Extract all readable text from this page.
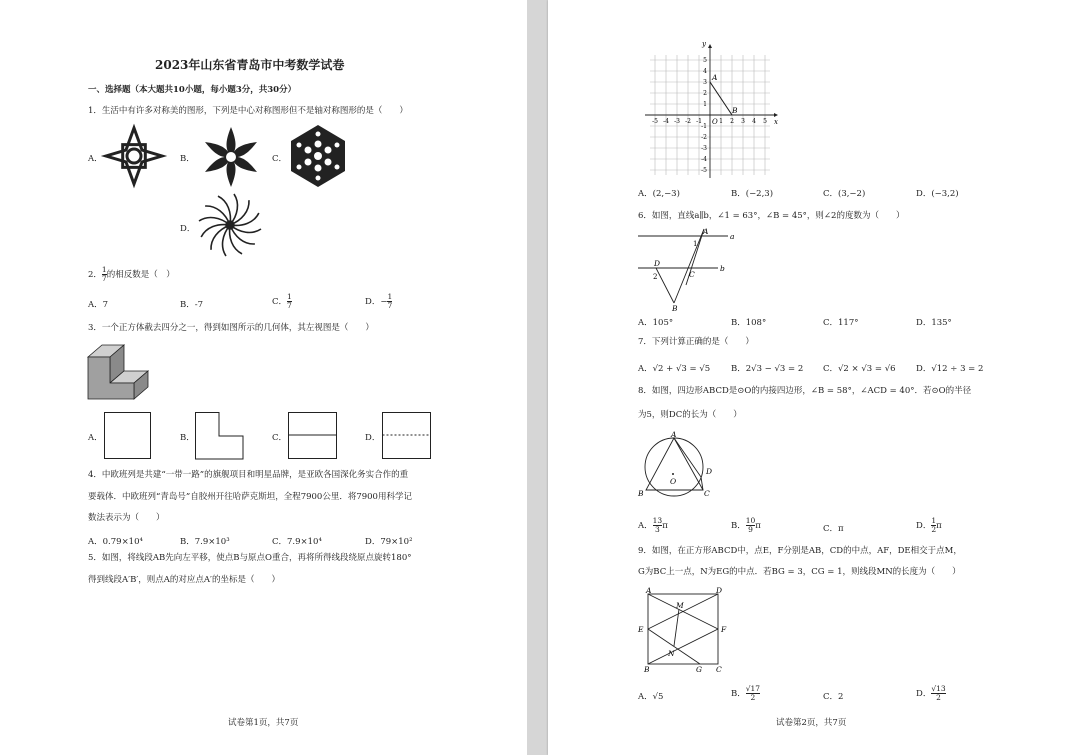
2023年山东省青岛市中考数学试卷
一、选择题（本大题共10小题，每小题3分，共30分）
1．生活中有许多对称美的图形，下列是中心对称图形但不是轴对称图形的是（　　）
A．	B．	C．
D．
2． $\frac{1}{7}$ 的相反数是（　）
A．7	B．-7	C． $\frac{1}{7}$	D．− $\frac{1}{7}$
3．一个正方体截去四分之一，得到如图所示的几何体，其左视图是（　　）
A．	B．	C．	D．
4．中欧班列是共建“一带一路”的旗舰项目和明星品牌，是亚欧各国深化务实合作的重
要载体．中欧班列“青岛号”自胶州开往哈萨克斯坦，全程7900公里．将7900用科学记
数法表示为（　　）
A．0.79×10⁴	B．7.9×10³	C．7.9×10⁴	D．79×10²
5．如图，将线段AB先向左平移，使点B与原点O重合，再将所得线段绕原点旋转180°
得到线段A′B′，则点A的对应点A′的坐标是（　　）
试卷第1页，共7页
y
x
A
B
O
-5 -4 -3 -2 -1	1 2 3 4 5
5
4
3
2
1
-1
-2
-3
-4
-5
A．(2,−3)	B．(−2,3)	C．(3,−2)	D．(−3,2)
6．如图，直线a∥b，∠1 = 63°，∠B = 45°，则∠2的度数为（　　）
A
a
1
D
2	C
b
B
A．105°	B．108°	C．117°	D．135°
7．下列计算正确的是（　　）
A．√2 + √3 = √5 B．2√3 − √3 = 2 C．√2 × √3 = √6 D．√12 ÷ 3 = 2
8．如图，四边形ABCD是⊙O的内接四边形，∠B = 58°，∠ACD = 40°．若⊙O的半径
为5，则DC的长为（　　）
A
B	C
D
O
A． $\frac{13}{3}$ π	B． $\frac{10}{9}$ π	C．π	D． $\frac{1}{2}$ π
9．如图，在正方形ABCD中，点E，F分别是AB，CD的中点，AF，DE相交于点M，
G为BC上一点，N为EG的中点．若BG = 3，CG = 1，则线段MN的长度为（　　）
A
M
D
E	F
N
B	G C
A．√5	B． $\frac{√17}{2}$	C．2	D． $\frac{√13}{2}$
试卷第2页，共7页
